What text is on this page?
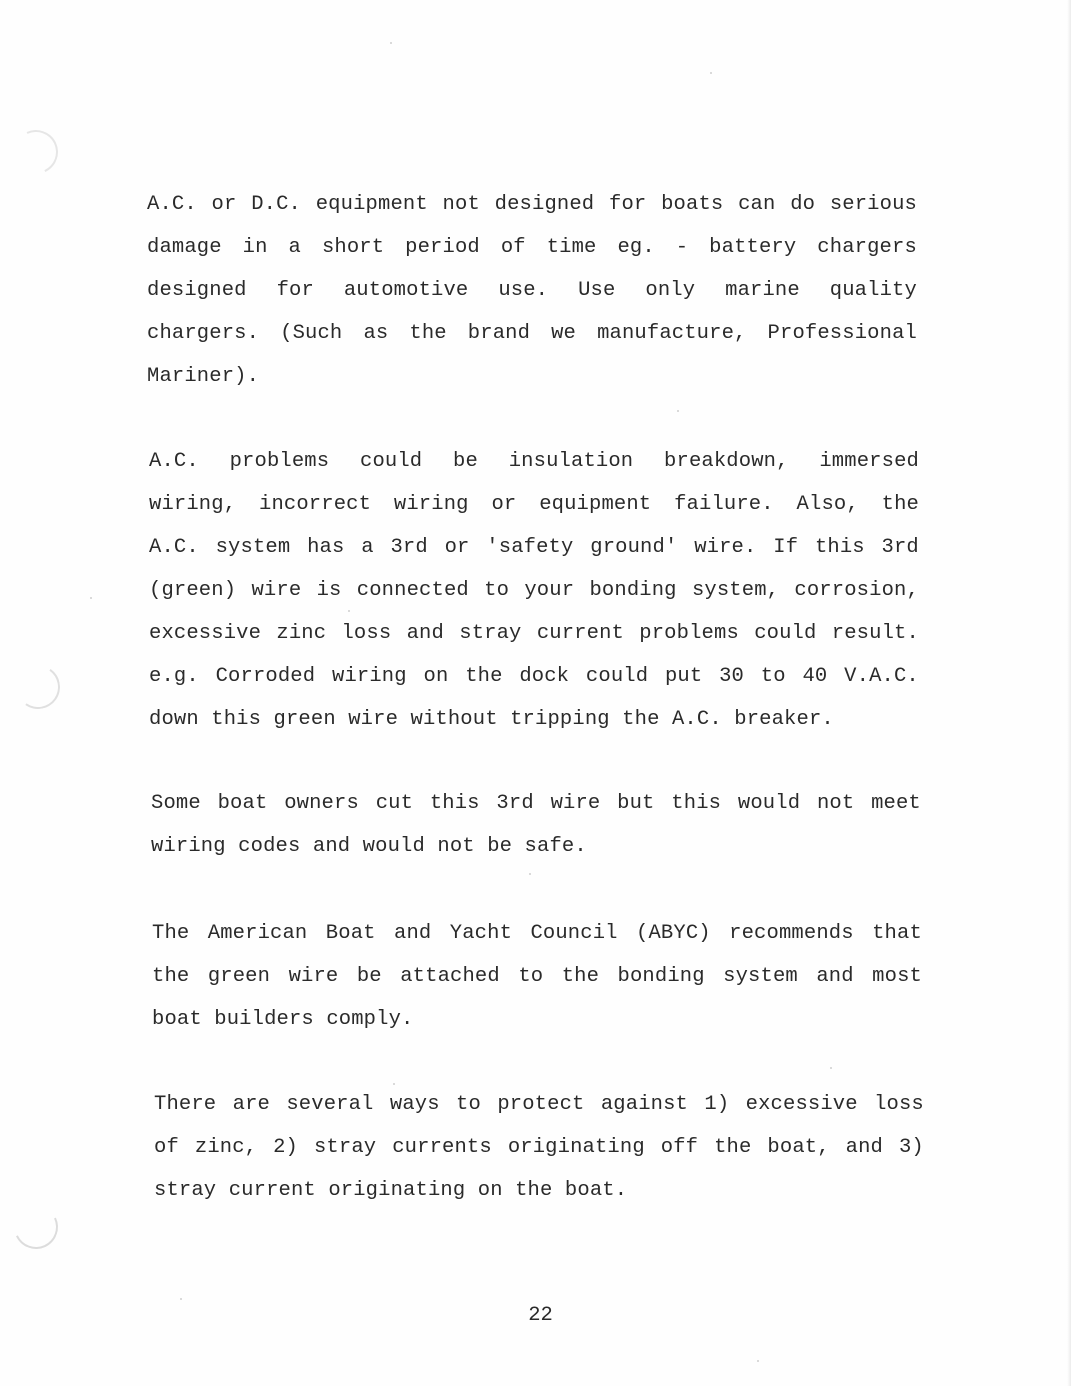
A.C. or D.C. equipment not designed for boats can do serious
damage in a short period of time eg. - battery chargers
designed for automotive use. Use only marine quality
chargers. (Such as the brand we manufacture, Professional
Mariner).

A.C. problems could be insulation breakdown, immersed
wiring, incorrect wiring or equipment failure. Also, the
A.C. system has a 3rd or 'safety ground' wire. If this 3rd
(green) wire is connected to your bonding system, corrosion,
excessive zinc loss and stray current problems could result.
e.g. Corroded wiring on the dock could put 30 to 40 V.A.C.
down this green wire without tripping the A.C. breaker.

Some boat owners cut this 3rd wire but this would not meet
wiring codes and would not be safe.

The American Boat and Yacht Council (ABYC) recommends that
the green wire be attached to the bonding system and most
boat builders comply.

There are several ways to protect against 1) excessive loss
of zinc, 2) stray currents originating off the boat, and 3)
stray current originating on the boat.

22
